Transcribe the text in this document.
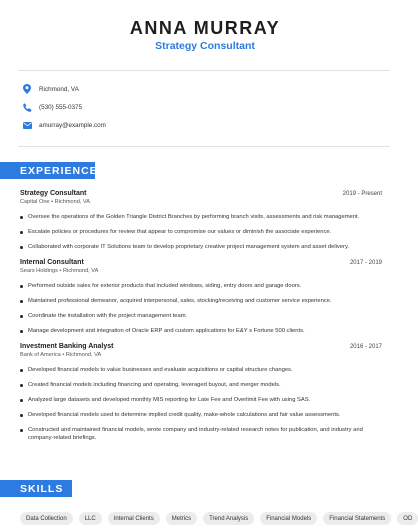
ANNA MURRAY
Strategy Consultant
Richmond, VA
(530) 555-0375
amurray@example.com
EXPERIENCE
Strategy Consultant	2019 - Present
Capital One • Richmond, VA
Oversee the operations of the Golden Triangle District Branches by performing branch visits, assessments and risk management.
Escalate policies or procedures for review that appear to compromise our values or diminish the associate experience.
Collaborated with corporate IT Solutions team to develop proprietary creative project management system and asset delivery.
Internal Consultant	2017 - 2019
Sears Holdings • Richmond, VA
Performed outside sales for exterior products that included windows, siding, entry doors and garage doors.
Maintained professional demeanor, acquired interpersonal, sales, stocking/receiving and customer service experience.
Coordinate the installation with the project management team.
Manage development and integration of Oracle ERP and custom applications for E&Y s Fortune 500 clients.
Investment Banking Analyst	2016 - 2017
Bank of America • Richmond, VA
Developed financial models to value businesses and evaluate acquisitions or capital structure changes.
Created financial models including financing and operating, leveraged buyout, and merger models.
Analyzed large datasets and developed monthly MIS reporting for Late Fee and Overlimit Fee with using SAS.
Developed financial models used to determine implied credit quality, make-whole calculations and fair value assessments.
Constructed and maintained financial models, wrote company and industry-related research notes for publication, and industry and company-related briefings.
SKILLS
Data Collection	LLC	Internal Clients	Metrics	Trend Analysis	Financial Models	Financial Statements	OD
